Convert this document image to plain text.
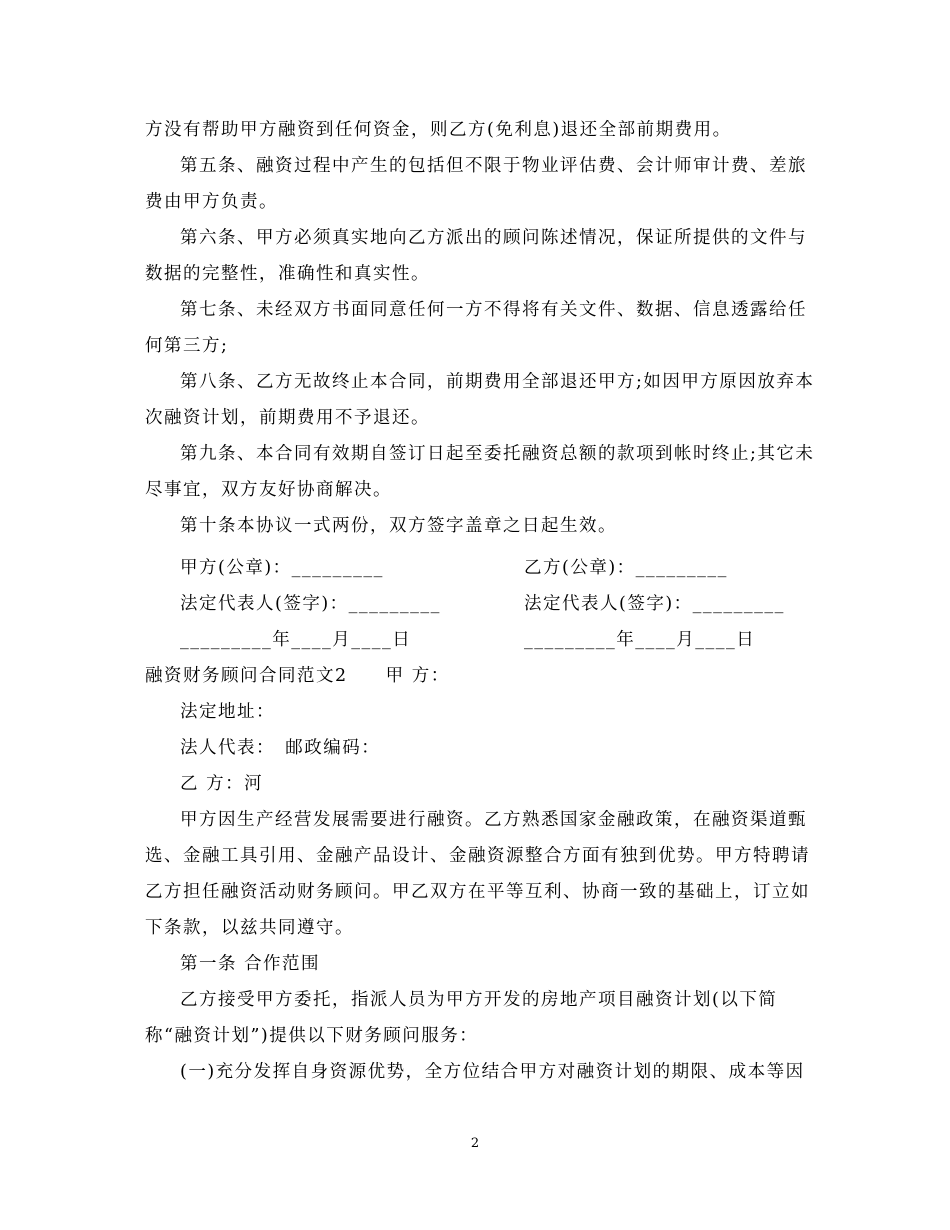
方没有帮助甲方融资到任何资金，则乙方(免利息)退还全部前期费用。
第五条、融资过程中产生的包括但不限于物业评估费、会计师审计费、差旅
费由甲方负责。
第六条、甲方必须真实地向乙方派出的顾问陈述情况，保证所提供的文件与
数据的完整性，准确性和真实性。
第七条、未经双方书面同意任何一方不得将有关文件、数据、信息透露给任
何第三方;
第八条、乙方无故终止本合同，前期费用全部退还甲方;如因甲方原因放弃本
次融资计划，前期费用不予退还。
第九条、本合同有效期自签订日起至委托融资总额的款项到帐时终止;其它未
尽事宜，双方友好协商解决。
第十条本协议一式两份，双方签字盖章之日起生效。
甲方(公章)：_________	乙方(公章)：_________
法定代表人(签字)：_________	法定代表人(签字)：_________
_________年____月____日	_________年____月____日
融资财务顾问合同范文2　　甲 方：
法定地址：
法人代表：　邮政编码：
乙 方：河
甲方因生产经营发展需要进行融资。乙方熟悉国家金融政策，在融资渠道甄
选、金融工具引用、金融产品设计、金融资源整合方面有独到优势。甲方特聘请
乙方担任融资活动财务顾问。甲乙双方在平等互利、协商一致的基础上，订立如
下条款，以兹共同遵守。
第一条 合作范围
乙方接受甲方委托，指派人员为甲方开发的房地产项目融资计划(以下简
称“融资计划”)提供以下财务顾问服务：
(一)充分发挥自身资源优势，全方位结合甲方对融资计划的期限、成本等因
2
